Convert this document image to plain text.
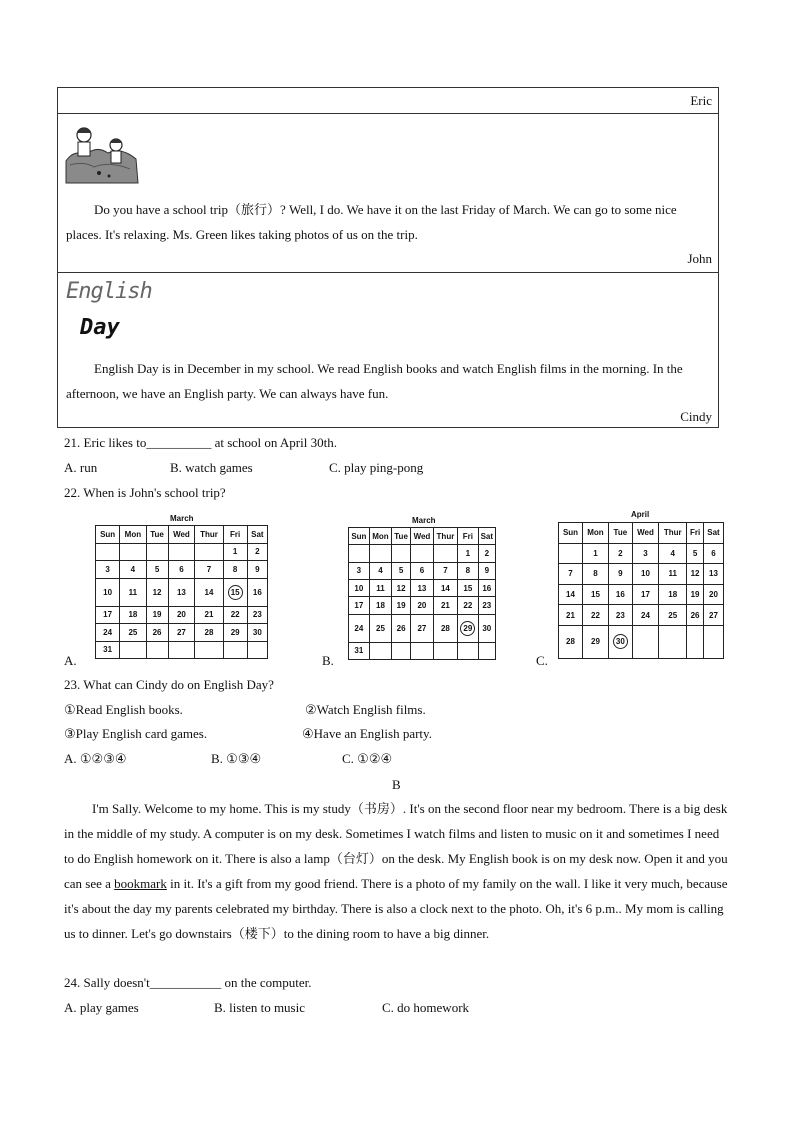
Eric
Do you have a school trip（旅行）? Well, I do. We have it on the last Friday of March. We can go to some nice places. It's relaxing. Ms. Green likes taking photos of us on the trip.
John
English
Day
English Day is in December in my school. We read English books and watch English films in the morning. In the afternoon, we have an English party. We can always have fun.
Cindy
21. Eric likes to__________ at school on April 30th.
A. run	B. watch games	C. play ping-pong
22. When is John's school trip?
March
Sun	Mon	Tue	Wed	Thur	Fri	Sat
					1	2
3	4	5	6	7	8	9
10	11	12	13	14	15	16
17	18	19	20	21	22	23
24	25	26	27	28	29	30
31						
A.
March
Sun	Mon	Tue	Wed	Thur	Fri	Sat
					1	2
3	4	5	6	7	8	9
10	11	12	13	14	15	16
17	18	19	20	21	22	23
24	25	26	27	28	29	30
31						
B.
April
Sun	Mon	Tue	Wed	Thur	Fri	Sat
	1	2	3	4	5	6
7	8	9	10	11	12	13
14	15	16	17	18	19	20
21	22	23	24	25	26	27
28	29	30				
C.
23. What can Cindy do on English Day?
①Read English books.	②Watch English films.
③Play English card games.	④Have an English party.
A. ①②③④	B. ①③④	C. ①②④
B
I'm Sally. Welcome to my home. This is my study（书房）. It's on the second floor near my bedroom. There is a big desk in the middle of my study. A computer is on my desk. Sometimes I watch films and listen to music on it and sometimes I need to do English homework on it. There is also a lamp（台灯）on the desk. My English book is on my desk now. Open it and you can see a bookmark in it. It's a gift from my good friend. There is a photo of my family on the wall. I like it very much, because it's about the day my parents celebrated my birthday. There is also a clock next to the photo. Oh, it's 6 p.m.. My mom is calling us to dinner. Let's go downstairs（楼下）to the dining room to have a big dinner.
24. Sally doesn't___________ on the computer.
A. play games	B. listen to music	C. do homework
